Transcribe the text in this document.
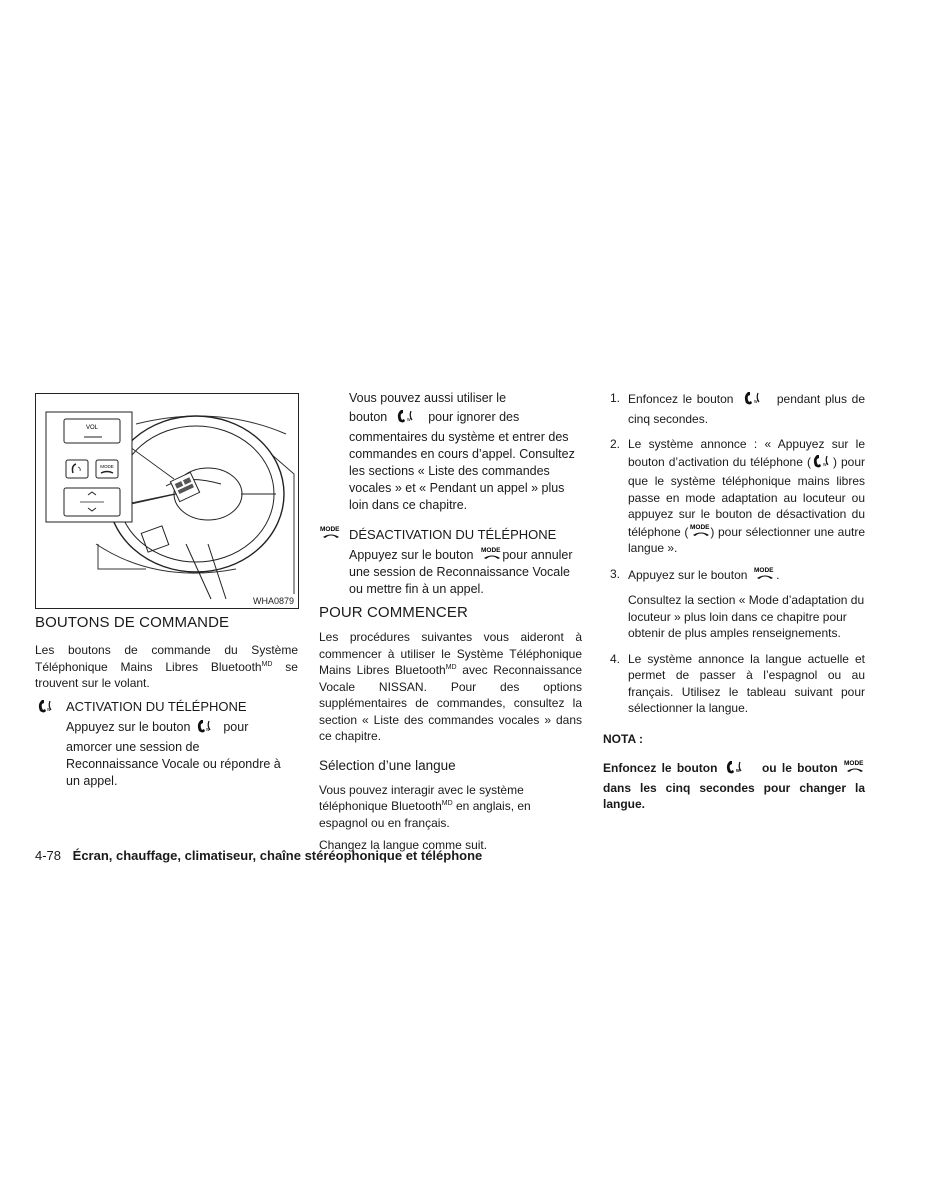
VOL
MODE
WHA0879
BOUTONS DE COMMANDE

Les boutons de commande du Système Téléphonique Mains Libres Bluetooth$^{MD}$ se trouvent sur le volant.

w ACTIVATION DU TÉLÉPHONE

Appuyez sur le bouton	w pour amorcer une session de Reconnaissance Vocale ou répondre à un appel.

Vous pouvez aussi utiliser le

bouton	w pour ignorer des commentaires du système et entrer des commandes en cours d’appel. Consultez les sections « Liste des commandes vocales » et « Pendant un appel » plus loin dans ce chapitre.

MODE DÉSACTIVATION DU TÉLÉPHONE

Appuyez sur le bouton MODE pour annuler une session de Reconnaissance Vocale ou mettre fin à un appel.

POUR COMMENCER

Les procédures suivantes vous aideront à commencer à utiliser le Système Téléphonique Mains Libres Bluetooth$^{MD}$ avec Reconnaissance Vocale NISSAN. Pour des options supplémentaires de commandes, consultez la section « Liste des commandes vocales » dans ce chapitre.

Sélection d’une langue

Vous pouvez interagir avec le système téléphonique Bluetooth$^{MD}$ en anglais, en espagnol ou en français.

Changez la langue comme suit.

1. Enfoncez le bouton	w pendant plus de cinq secondes.

2. Le système annonce : « Appuyez sur le bouton d’activation du téléphone ( w ) pour que le système téléphonique mains libres passe en mode adaptation au locuteur ou appuyez sur le bouton de désactivation du téléphone ( MODE ) pour sélectionner une autre langue ».

3. Appuyez sur le bouton MODE .

Consultez la section « Mode d’adaptation du locuteur » plus loin dans ce chapitre pour obtenir de plus amples renseignements.

4. Le système annonce la langue actuelle et permet de passer à l’espagnol ou au français. Utilisez le tableau suivant pour sélectionner la langue.

NOTA :

Enfoncez le bouton	w ou le bouton MODE
dans les cinq secondes pour changer la langue.

4-78 Écran, chauffage, climatiseur, chaîne stéréophonique et téléphone
